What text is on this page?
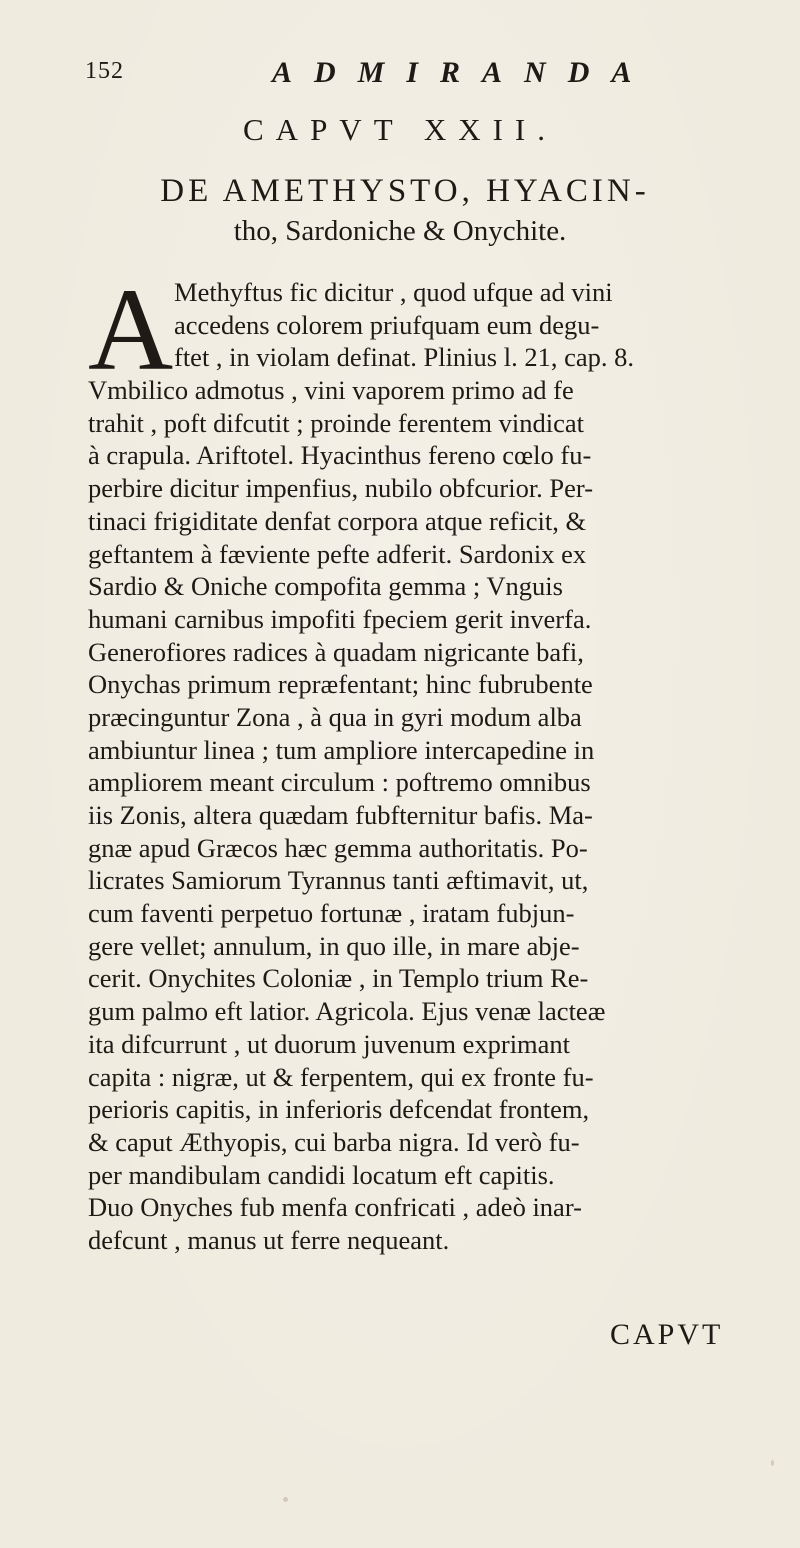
152	ADMIRANDA
CAPVT XXII.
DE AMETHYSTO, HYACIN-
tho, Sardoniche & Onychite.
A Methyftus fic dicitur , quod ufque ad vini
accedens colorem priufquam eum degu-
ftet , in violam definat. Plinius l. 21, cap. 8.
Vmbilico admotus , vini vaporem primo ad fe
trahit , poft difcutit ; proinde ferentem vindicat
à crapula. Ariftotel. Hyacinthus fereno cœlo fu-
perbire dicitur impenfius, nubilo obfcurior. Per-
tinaci frigiditate denfat corpora atque reficit, &
geftantem à fæviente pefte adferit. Sardonix ex
Sardio & Oniche compofita gemma ; Vnguis
humani carnibus impofiti fpeciem gerit inverfa.
Generofiores radices à quadam nigricante bafi,
Onychas primum repræfentant; hinc fubrubente
præcinguntur Zona , à qua in gyri modum alba
ambiuntur linea ; tum ampliore intercapedine in
ampliorem meant circulum : poftremo omnibus
iis Zonis, altera quædam fubfternitur bafis. Ma-
gnæ apud Græcos hæc gemma authoritatis. Po-
licrates Samiorum Tyrannus tanti æftimavit, ut,
cum faventi perpetuo fortunæ , iratam fubjun-
gere vellet; annulum, in quo ille, in mare abje-
cerit. Onychites Coloniæ , in Templo trium Re-
gum palmo eft latior. Agricola. Ejus venæ lacteæ
ita difcurrunt , ut duorum juvenum exprimant
capita : nigræ, ut & ferpentem, qui ex fronte fu-
perioris capitis, in inferioris defcendat frontem,
& caput Æthyopis, cui barba nigra. Id verò fu-
per mandibulam candidi locatum eft capitis.
Duo Onyches fub menfa confricati , adeò inar-
defcunt , manus ut ferre nequeant.
CAPVT
